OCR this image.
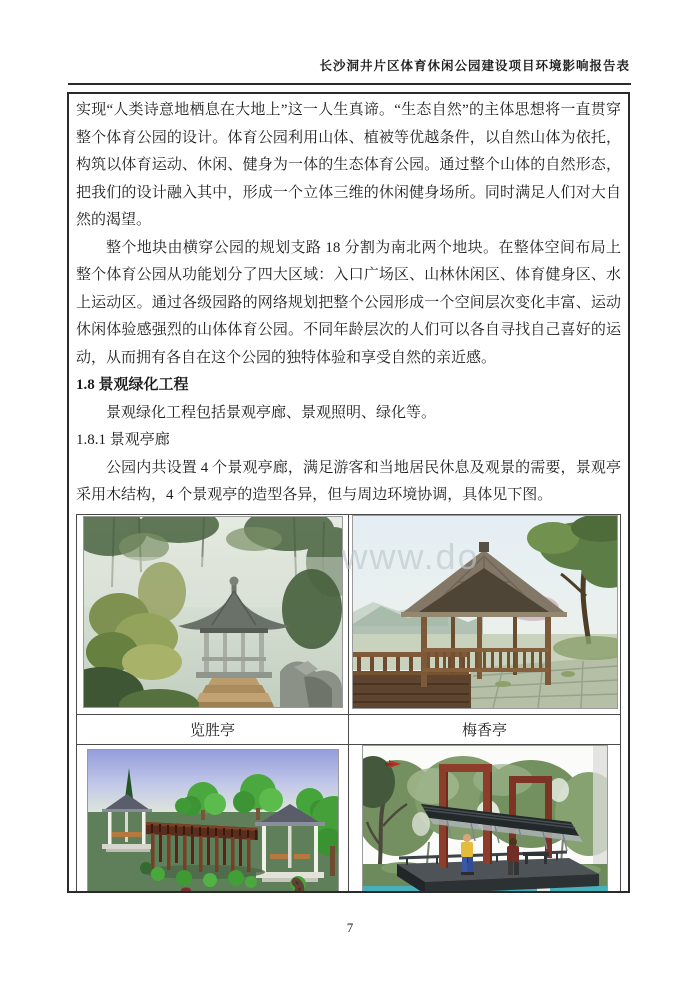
长沙洞井片区体育休闲公园建设项目环境影响报告表

实现“人类诗意地栖息在大地上”这一人生真谛。“生态自然”的主体思想将一直贯穿整个体育公园的设计。体育公园利用山体、植被等优越条件，以自然山体为依托，构筑以体育运动、休闲、健身为一体的生态体育公园。通过整个山体的自然形态，把我们的设计融入其中，形成一个立体三维的休闲健身场所。同时满足人们对大自然的渴望。

整个地块由横穿公园的规划支路 18 分割为南北两个地块。在整体空间布局上整个体育公园从功能划分了四大区域：入口广场区、山林休闲区、体育健身区、水上运动区。通过各级园路的网络规划把整个公园形成一个空间层次变化丰富、运动休闲体验感强烈的山体体育公园。不同年龄层次的人们可以各自寻找自己喜好的运动，从而拥有各自在这个公园的独特体验和享受自然的亲近感。

1.8 景观绿化工程

景观绿化工程包括景观亭廊、景观照明、绿化等。

1.8.1 景观亭廊

公园内共设置 4 个景观亭廊，满足游客和当地居民休息及观景的需要，景观亭采用木结构，4 个景观亭的造型各异，但与周边环境协调，具体见下图。

www.do

览胜亭	梅香亭

7
